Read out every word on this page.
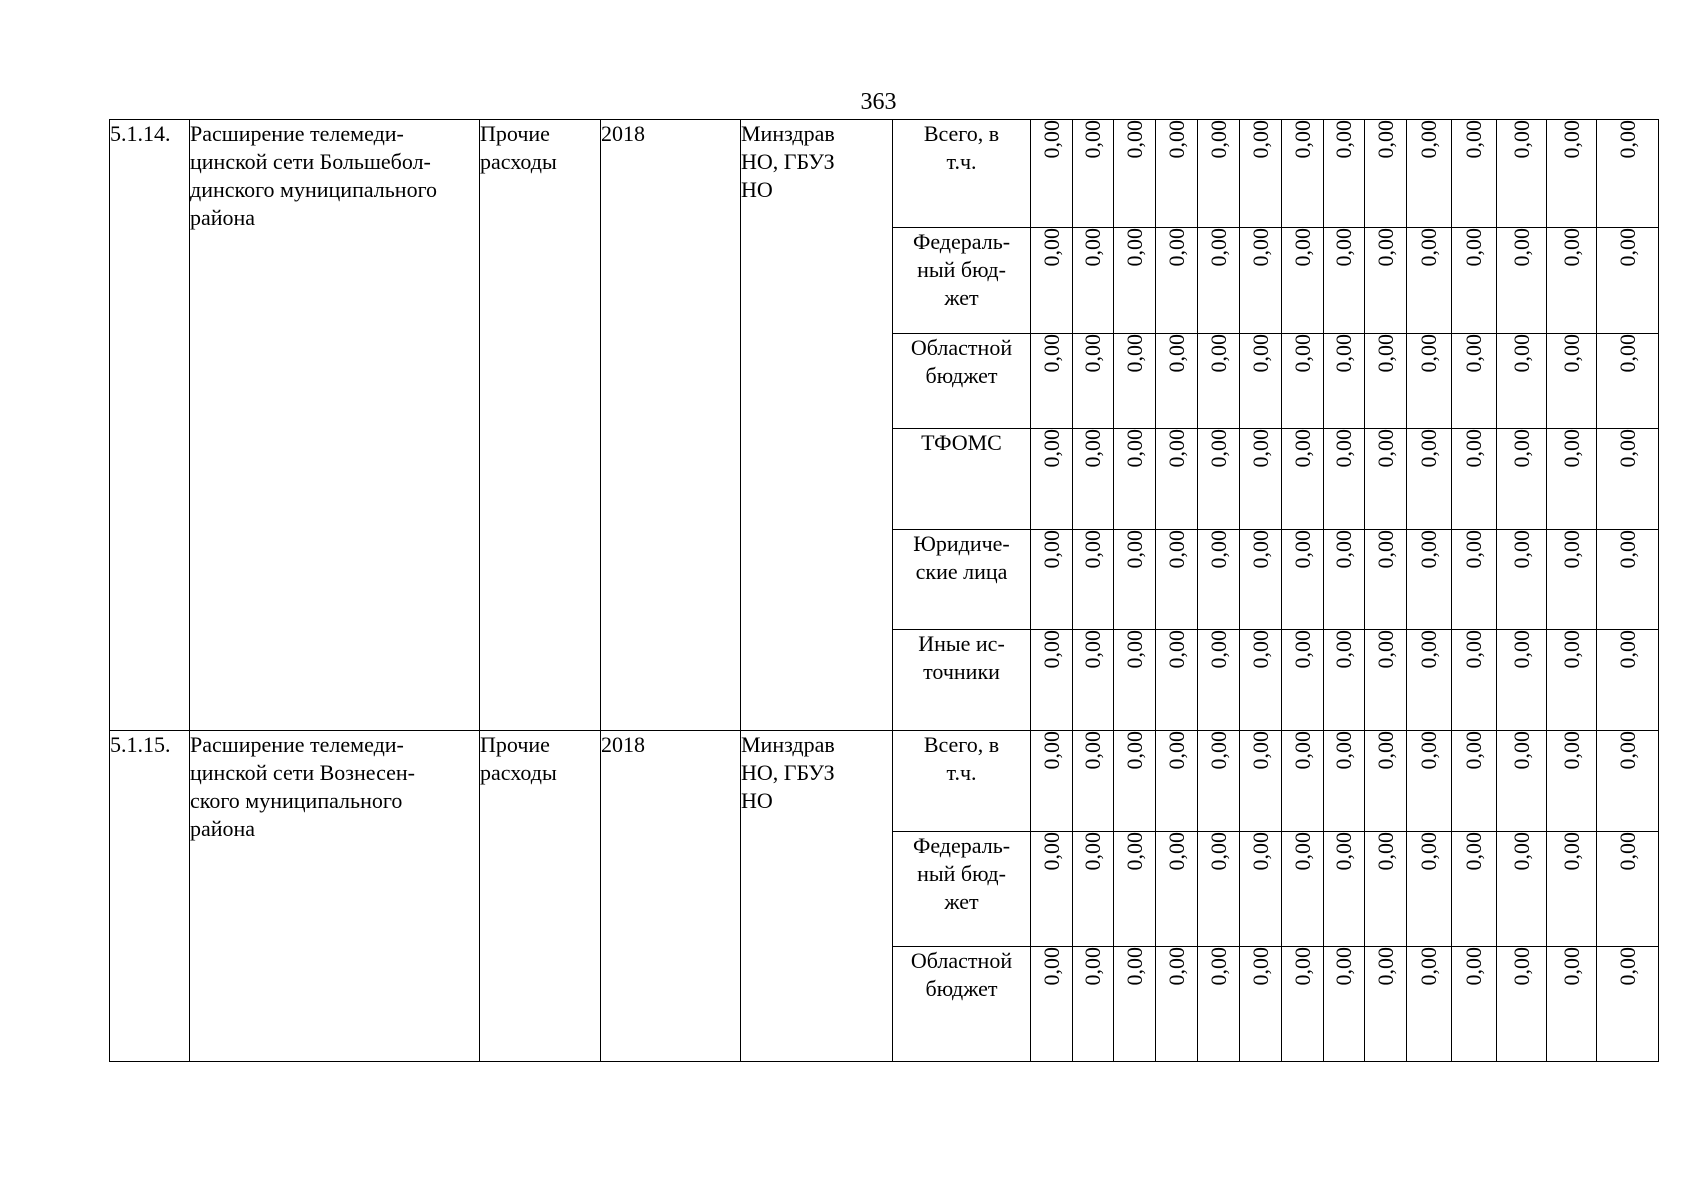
363
5.1.14.	Расширение телемеди-
цинской сети Большебол-
динского муниципального
района	Прочие
расходы	2018	Минздрав
НО, ГБУЗ
НО	Всего, в
т.ч.	0,00	0,00	0,00	0,00	0,00	0,00	0,00	0,00	0,00	0,00	0,00	0,00	0,00	0,00
					Федераль-
ный бюд-
жет	0,00	0,00	0,00	0,00	0,00	0,00	0,00	0,00	0,00	0,00	0,00	0,00	0,00	0,00
					Областной
бюджет	0,00	0,00	0,00	0,00	0,00	0,00	0,00	0,00	0,00	0,00	0,00	0,00	0,00	0,00
					ТФОМС	0,00	0,00	0,00	0,00	0,00	0,00	0,00	0,00	0,00	0,00	0,00	0,00	0,00	0,00
					Юридиче-
ские лица	0,00	0,00	0,00	0,00	0,00	0,00	0,00	0,00	0,00	0,00	0,00	0,00	0,00	0,00
					Иные ис-
точники	0,00	0,00	0,00	0,00	0,00	0,00	0,00	0,00	0,00	0,00	0,00	0,00	0,00	0,00
5.1.15.	Расширение телемеди-
цинской сети Вознесен-
ского муниципального
района	Прочие
расходы	2018	Минздрав
НО, ГБУЗ
НО	Всего, в
т.ч.	0,00	0,00	0,00	0,00	0,00	0,00	0,00	0,00	0,00	0,00	0,00	0,00	0,00	0,00
					Федераль-
ный бюд-
жет	0,00	0,00	0,00	0,00	0,00	0,00	0,00	0,00	0,00	0,00	0,00	0,00	0,00	0,00
					Областной
бюджет	0,00	0,00	0,00	0,00	0,00	0,00	0,00	0,00	0,00	0,00	0,00	0,00	0,00	0,00
